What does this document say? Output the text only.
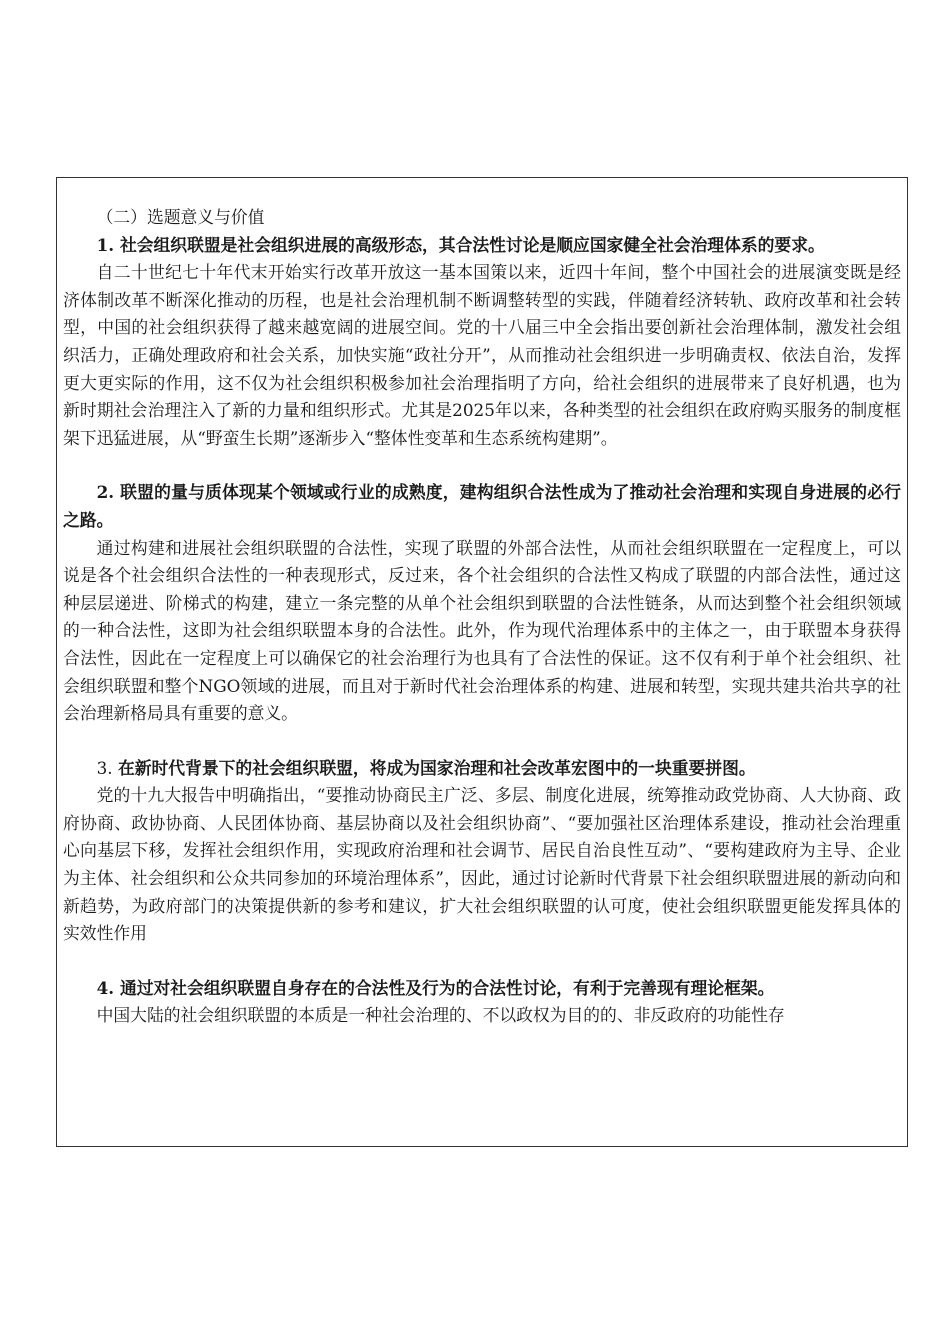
（二）选题意义与价值

1. 社会组织联盟是社会组织进展的高级形态，其合法性讨论是顺应国家健全社会治理体系的要求。

自二十世纪七十年代末开始实行改革开放这一基本国策以来，近四十年间，整个中国社会的进展演变既是经济体制改革不断深化推动的历程，也是社会治理机制不断调整转型的实践，伴随着经济转轨、政府改革和社会转型，中国的社会组织获得了越来越宽阔的进展空间。党的十八届三中全会指出要创新社会治理体制，激发社会组织活力，正确处理政府和社会关系，加快实施“政社分开”，从而推动社会组织进一步明确责权、依法自治，发挥更大更实际的作用，这不仅为社会组织积极参加社会治理指明了方向，给社会组织的进展带来了良好机遇，也为新时期社会治理注入了新的力量和组织形式。尤其是2025年以来，各种类型的社会组织在政府购买服务的制度框架下迅猛进展，从“野蛮生长期”逐渐步入“整体性变革和生态系统构建期”。

2. 联盟的量与质体现某个领域或行业的成熟度，建构组织合法性成为了推动社会治理和实现自身进展的必行之路。

通过构建和进展社会组织联盟的合法性，实现了联盟的外部合法性，从而社会组织联盟在一定程度上，可以说是各个社会组织合法性的一种表现形式，反过来，各个社会组织的合法性又构成了联盟的内部合法性，通过这种层层递进、阶梯式的构建，建立一条完整的从单个社会组织到联盟的合法性链条，从而达到整个社会组织领域的一种合法性，这即为社会组织联盟本身的合法性。此外，作为现代治理体系中的主体之一，由于联盟本身获得合法性，因此在一定程度上可以确保它的社会治理行为也具有了合法性的保证。这不仅有利于单个社会组织、社会组织联盟和整个NGO领域的进展，而且对于新时代社会治理体系的构建、进展和转型，实现共建共治共享的社会治理新格局具有重要的意义。

3. 在新时代背景下的社会组织联盟，将成为国家治理和社会改革宏图中的一块重要拼图。

党的十九大报告中明确指出，“要推动协商民主广泛、多层、制度化进展，统筹推动政党协商、人大协商、政府协商、政协协商、人民团体协商、基层协商以及社会组织协商”、“要加强社区治理体系建设，推动社会治理重心向基层下移，发挥社会组织作用，实现政府治理和社会调节、居民自治良性互动”、“要构建政府为主导、企业为主体、社会组织和公众共同参加的环境治理体系”，因此，通过讨论新时代背景下社会组织联盟进展的新动向和新趋势，为政府部门的决策提供新的参考和建议，扩大社会组织联盟的认可度，使社会组织联盟更能发挥具体的实效性作用

4. 通过对社会组织联盟自身存在的合法性及行为的合法性讨论，有利于完善现有理论框架。

中国大陆的社会组织联盟的本质是一种社会治理的、不以政权为目的的、非反政府的功能性存
